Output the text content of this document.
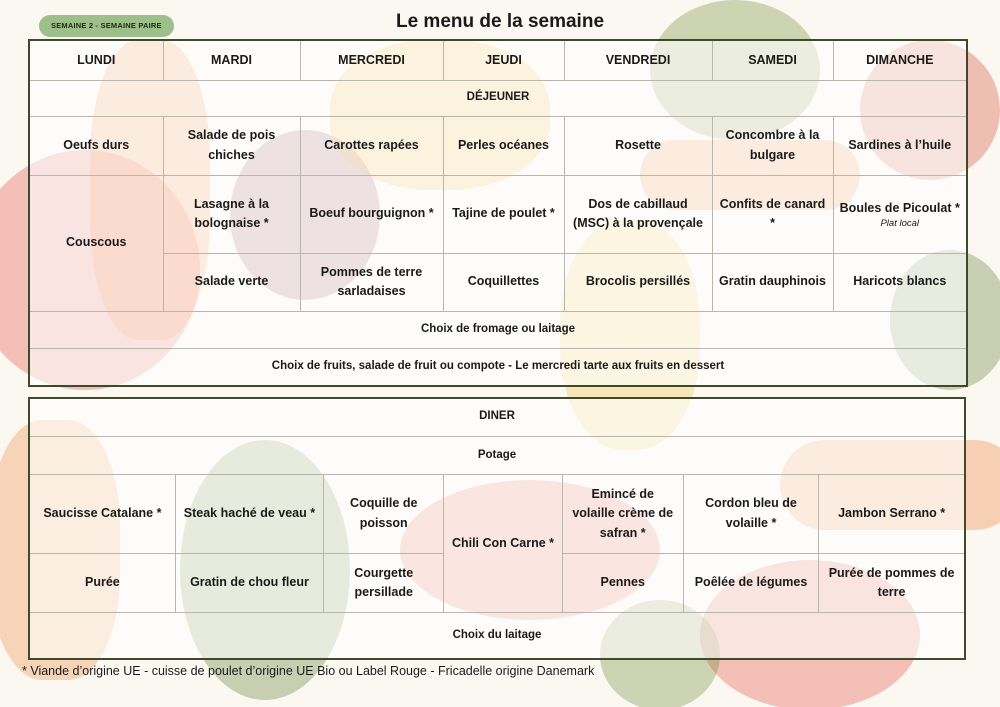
SEMAINE 2 - SEMAINE PAIRE	Le menu de la semaine
LUNDI	MARDI	MERCREDI	JEUDI	VENDREDI	SAMEDI	DIMANCHE
DÉJEUNER						
Oeufs durs	Salade de pois chiches	Carottes rapées	Perles océanes	Rosette	Concombre à la bulgare	Sardines à l’huile
Couscous	Lasagne à la bolognaise *	Boeuf bourguignon *	Tajine de poulet *	Dos de cabillaud (MSC) à la provençale	Confits de canard *	Boules de Picoulat *
Plat local

	Salade verte	Pommes de terre sarladaises	Coquillettes	Brocolis persillés	Gratin dauphinois	Haricots blancs
Choix de fromage ou laitage						
Choix de fruits, salade de fruit ou compote - Le mercredi tarte aux fruits en dessert						
DINER						
Potage						
Saucisse Catalane *	Steak haché de veau *	Coquille de poisson	Chili Con Carne *	Emincé de volaille crème de safran *	Cordon bleu de volaille *	Jambon Serrano *
Purée	Gratin de chou fleur	Courgette persillade		Pennes	Poêlée de légumes	Purée de pommes de terre
Choix du laitage						
* Viande d’origine UE - cuisse de poulet d’origine UE Bio ou Label Rouge - Fricadelle origine Danemark
